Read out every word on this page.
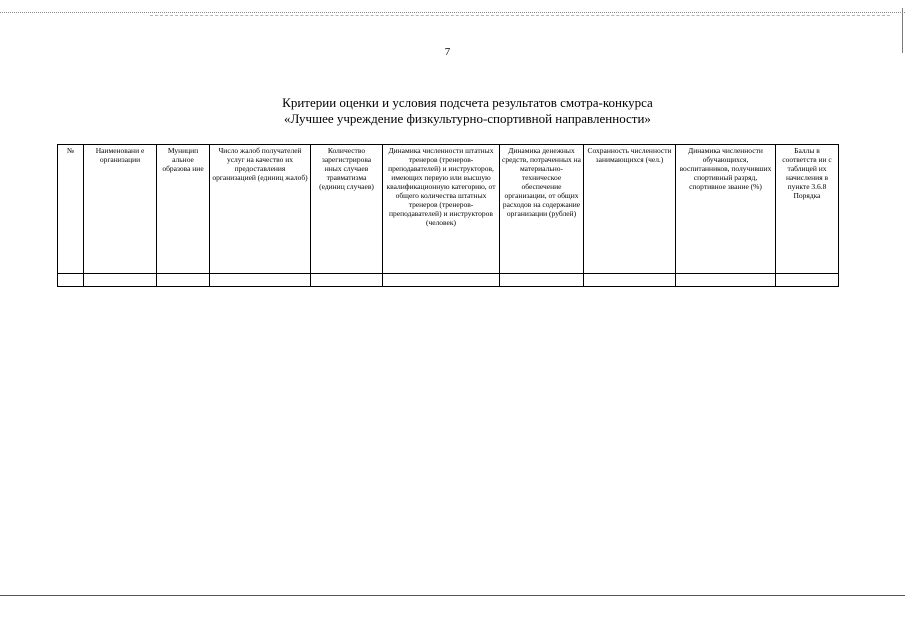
7
Критерии оценки и условия подсчета результатов смотра-конкурса
«Лучшее учреждение физкультурно-спортивной направленности»
№	Наименовани е организации	Муницип альное образова ние	Число жалоб получателей услуг на качество их предоставления организацией (единиц жалоб)	Количество зарегистрирова нных случаев травматизма (единиц случаев)	Динамика численности штатных тренеров (тренеров-преподавателей) и инструкторов, имеющих первую или высшую квалификационную категорию, от общего количества штатных тренеров (тренеров-преподавателей) и инструкторов (человек)	Динамика денежных средств, потраченных на материально-техническое обеспечение организации, от общих расходов на содержание организации (рублей)	Сохранность численности занимающихся (чел.)	Динамика численности обучающихся, воспитанников, получивших спортивный разряд, спортивное звание (%)	Баллы в соответств ии с таблицей их начисления в пункте 3.6.8 Порядка
